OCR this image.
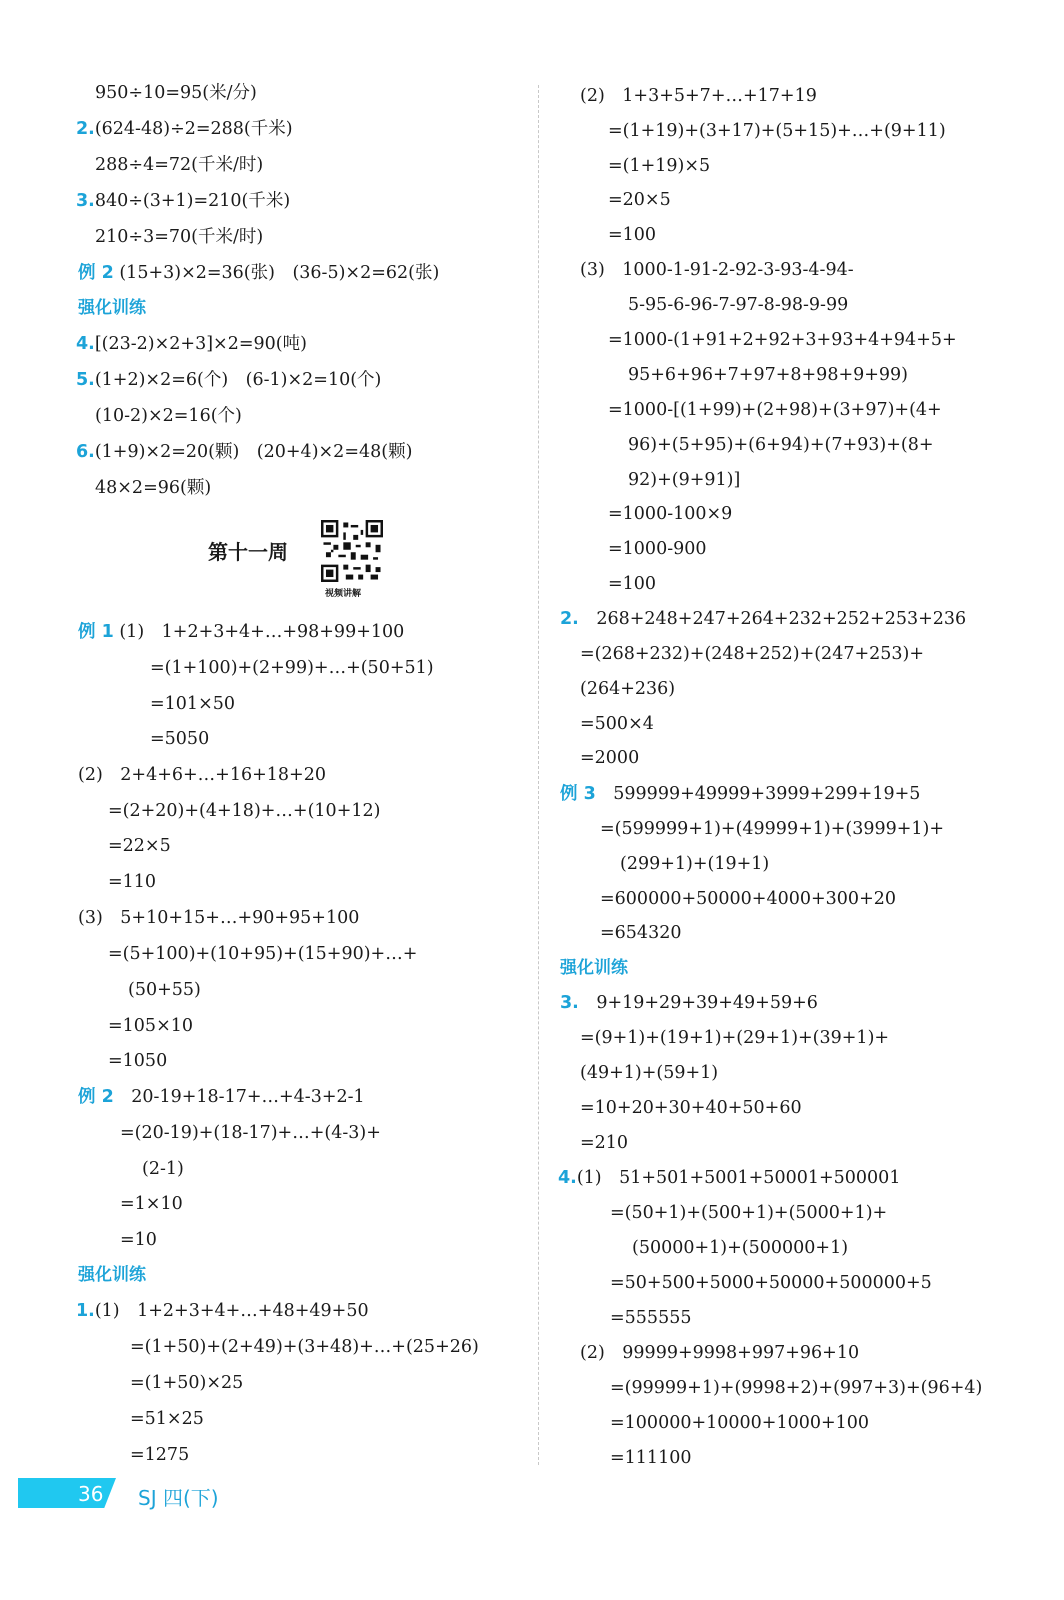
950÷10=95(米/分)
2.(624-48)÷2=288(千米)
288÷4=72(千米/时)
3.840÷(3+1)=210(千米)
210÷3=70(千米/时)
例 2 (15+3)×2=36(张)　(36-5)×2=62(张)
强化训练
4.[(23-2)×2+3]×2=90(吨)
5.(1+2)×2=6(个)　(6-1)×2=10(个)
(10-2)×2=16(个)
6.(1+9)×2=20(颗)　(20+4)×2=48(颗)
48×2=96(颗)
第十一周
视频讲解
例 1 (1)　1+2+3+4+…+98+99+100
=(1+100)+(2+99)+…+(50+51)
=101×50
=5050
(2)　2+4+6+…+16+18+20
=(2+20)+(4+18)+…+(10+12)
=22×5
=110
(3)　5+10+15+…+90+95+100
=(5+100)+(10+95)+(15+90)+…+
(50+55)
=105×10
=1050
例 2　 20-19+18-17+…+4-3+2-1
=(20-19)+(18-17)+…+(4-3)+
(2-1)
=1×10
=10
强化训练
1.(1)　1+2+3+4+…+48+49+50
=(1+50)+(2+49)+(3+48)+…+(25+26)
=(1+50)×25
=51×25
=1275
(2)　1+3+5+7+…+17+19
=(1+19)+(3+17)+(5+15)+…+(9+11)
=(1+19)×5
=20×5
=100
(3)　1000-1-91-2-92-3-93-4-94-
5-95-6-96-7-97-8-98-9-99
=1000-(1+91+2+92+3+93+4+94+5+
95+6+96+7+97+8+98+9+99)
=1000-[(1+99)+(2+98)+(3+97)+(4+
96)+(5+95)+(6+94)+(7+93)+(8+
92)+(9+91)]
=1000-100×9
=1000-900
=100
2.　 268+248+247+264+232+252+253+236
=(268+232)+(248+252)+(247+253)+
(264+236)
=500×4
=2000
例 3　 599999+49999+3999+299+19+5
=(599999+1)+(49999+1)+(3999+1)+
(299+1)+(19+1)
=600000+50000+4000+300+20
=654320
强化训练
3.　 9+19+29+39+49+59+6
=(9+1)+(19+1)+(29+1)+(39+1)+
(49+1)+(59+1)
=10+20+30+40+50+60
=210
4.(1)　51+501+5001+50001+500001
=(50+1)+(500+1)+(5000+1)+
(50000+1)+(500000+1)
=50+500+5000+50000+500000+5
=555555
(2)　99999+9998+997+96+10
=(99999+1)+(9998+2)+(997+3)+(96+4)
=100000+10000+1000+100
=111100
36 SJ 四(下)
